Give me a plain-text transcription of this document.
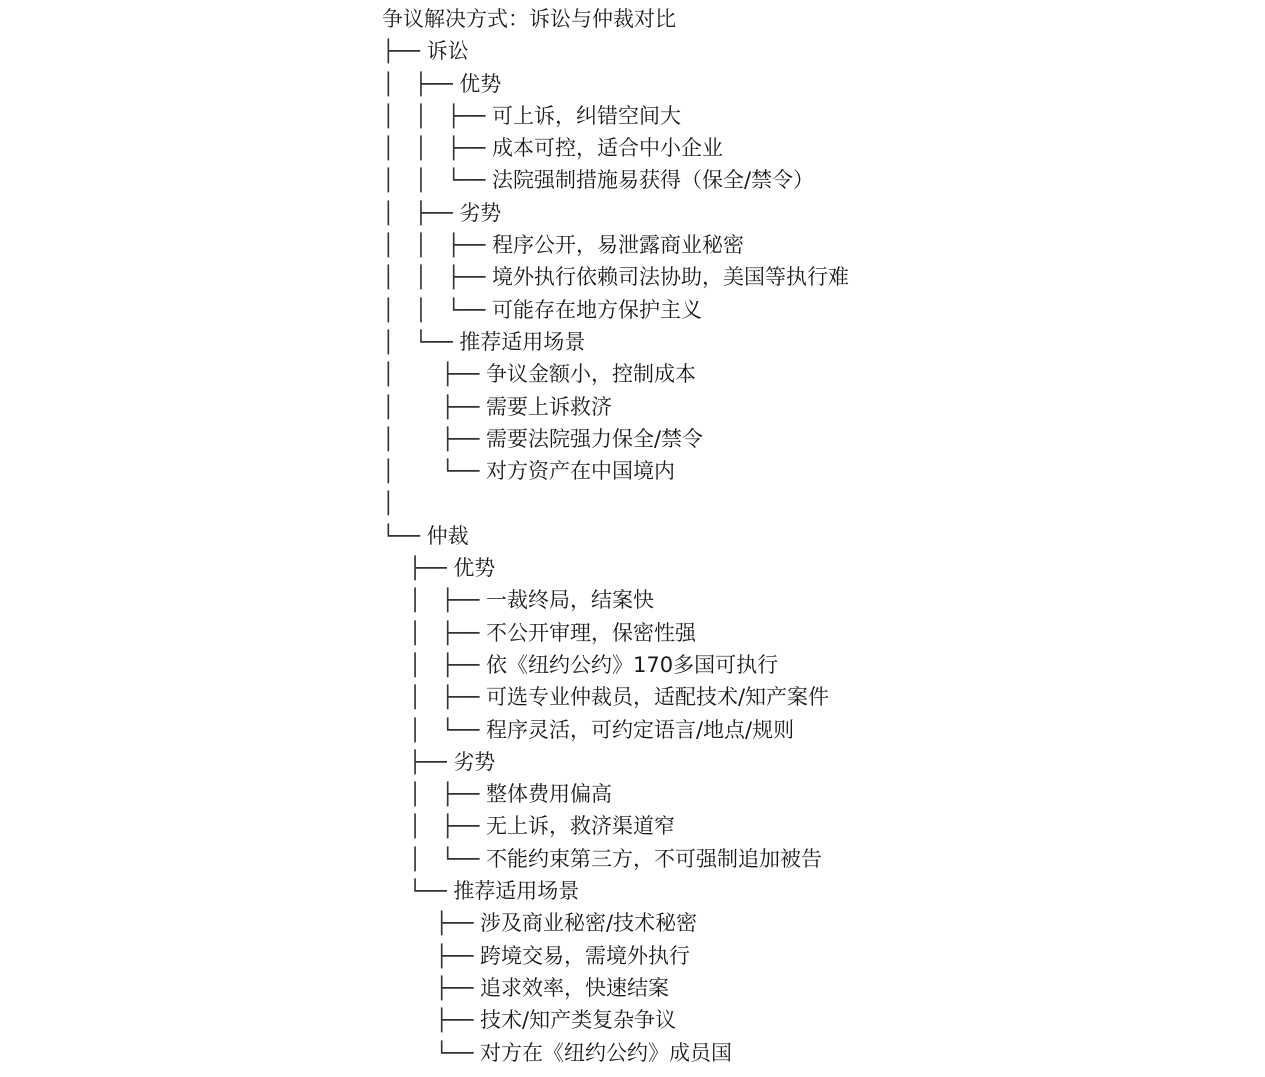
争议解决方式：诉讼与仲裁对比
├── 诉讼
│   ├── 优势
│   │   ├── 可上诉，纠错空间大
│   │   ├── 成本可控，适合中小企业
│   │   └── 法院强制措施易获得（保全/禁令）
│   ├── 劣势
│   │   ├── 程序公开，易泄露商业秘密
│   │   ├── 境外执行依赖司法协助，美国等执行难
│   │   └── 可能存在地方保护主义
│   └── 推荐适用场景
│       ├── 争议金额小，控制成本
│       ├── 需要上诉救济
│       ├── 需要法院强力保全/禁令
│       └── 对方资产在中国境内
│
└── 仲裁
├── 优势
│   ├── 一裁终局，结案快
│   ├── 不公开审理，保密性强
│   ├── 依《纽约公约》170多国可执行
│   ├── 可选专业仲裁员，适配技术/知产案件
│   └── 程序灵活，可约定语言/地点/规则
├── 劣势
│   ├── 整体费用偏高
│   ├── 无上诉，救济渠道窄
│   └── 不能约束第三方，不可强制追加被告
└── 推荐适用场景
├── 涉及商业秘密/技术秘密
├── 跨境交易，需境外执行
├── 追求效率，快速结案
├── 技术/知产类复杂争议
└── 对方在《纽约公约》成员国
